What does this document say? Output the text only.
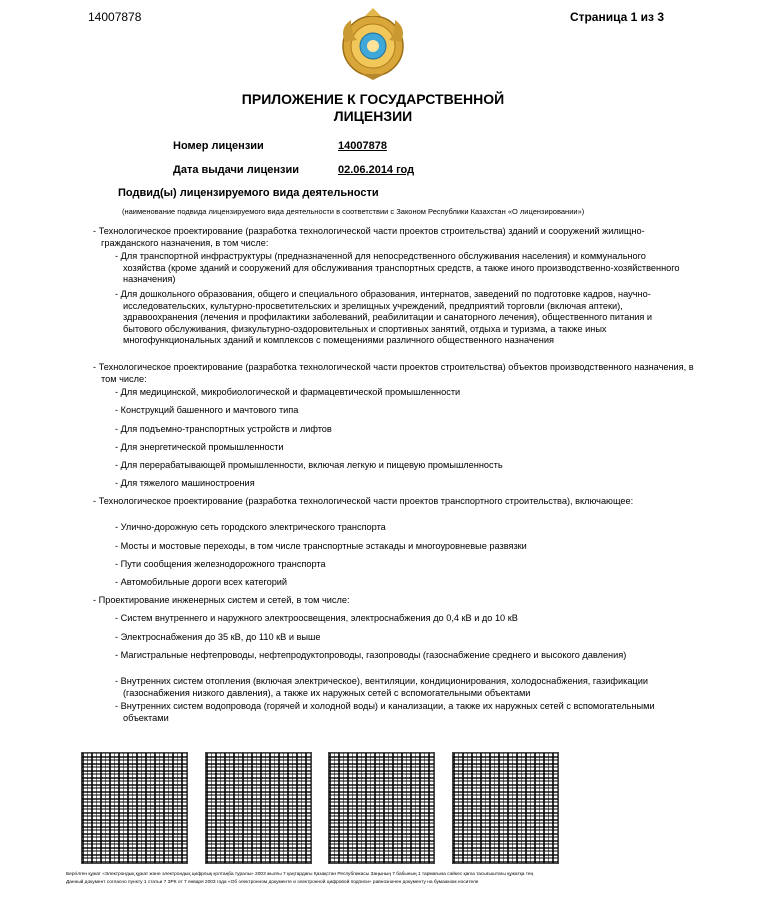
14007878	Страница 1 из 3
ПРИЛОЖЕНИЕ К ГОСУДАРСТВЕННОЙ
ЛИЦЕНЗИИ
Номер лицензии	14007878
Дата выдачи лицензии	02.06.2014 год
Подвид(ы) лицензируемого вида деятельности
(наименование подвида лицензируемого вида деятельности в соответствии с Законом Республики Казахстан «О лицензировании»)
- Технологическое проектирование (разработка технологической части проектов строительства) зданий и сооружений жилищно-гражданского назначения, в том числе:
- Для транспортной инфраструктуры (предназначенной для непосредственного обслуживания населения) и коммунального хозяйства (кроме зданий и сооружений для обслуживания транспортных средств, а также иного производственно-хозяйственного назначения)
- Для дошкольного образования, общего и специального образования, интернатов, заведений по подготовке кадров, научно-исследовательских, культурно-просветительских и зрелищных учреждений, предприятий торговли (включая аптеки), здравоохранения (лечения и профилактики заболеваний, реабилитации и санаторного лечения), общественного питания и бытового обслуживания, физкультурно-оздоровительных и спортивных занятий, отдыха и туризма, а также иных многофункциональных зданий и комплексов с помещениями различного общественного назначения
- Технологическое проектирование (разработка технологической части проектов строительства) объектов производственного назначения, в том числе:
- Для медицинской, микробиологической и фармацевтической промышленности
- Конструкций башенного и мачтового типа
- Для подъемно-транспортных устройств и лифтов
- Для энергетической промышленности
- Для перерабатывающей промышленности, включая легкую и пищевую промышленность
- Для тяжелого машиностроения
- Технологическое проектирование (разработка технологической части проектов транспортного строительства), включающее:
- Улично-дорожную сеть городского электрического транспорта
- Мосты и мостовые переходы, в том числе транспортные эстакады и многоуровневые развязки
- Пути сообщения железнодорожного транспорта
- Автомобильные дороги всех категорий
- Проектирование инженерных систем и сетей, в том числе:
- Систем внутреннего и наружного электроосвещения, электроснабжения до 0,4 кВ и до 10 кВ
- Электроснабжения до 35 кВ, до 110 кВ и выше
- Магистральные нефтепроводы, нефтепродуктопроводы, газопроводы (газоснабжение среднего и высокого давления)
- Внутренних систем отопления (включая электрическое), вентиляции, кондиционирования, холодоснабжения, газификации (газоснабжения низкого давления), а также их наружных сетей с вспомогательными объектами
- Внутренних систем водопровода (горячей и холодной воды) и канализации, а также их наружных сетей с вспомогательными объектами
Бергілген құжат «Электрондық құжат және электрондық цифрлық қолтаңба туралы» 2003 жылғы 7 қаңтардағы Қазақстан Республикасы Заңының 7 бабының 1 тармағына сәйкес қағаз тасығыштағы құжатқа тең
Данный документ согласно пункту 1 статьи 7 ЗРК от 7 января 2003 года «Об электронном документе и электронной цифровой подписи» равнозначен документу на бумажном носителе
